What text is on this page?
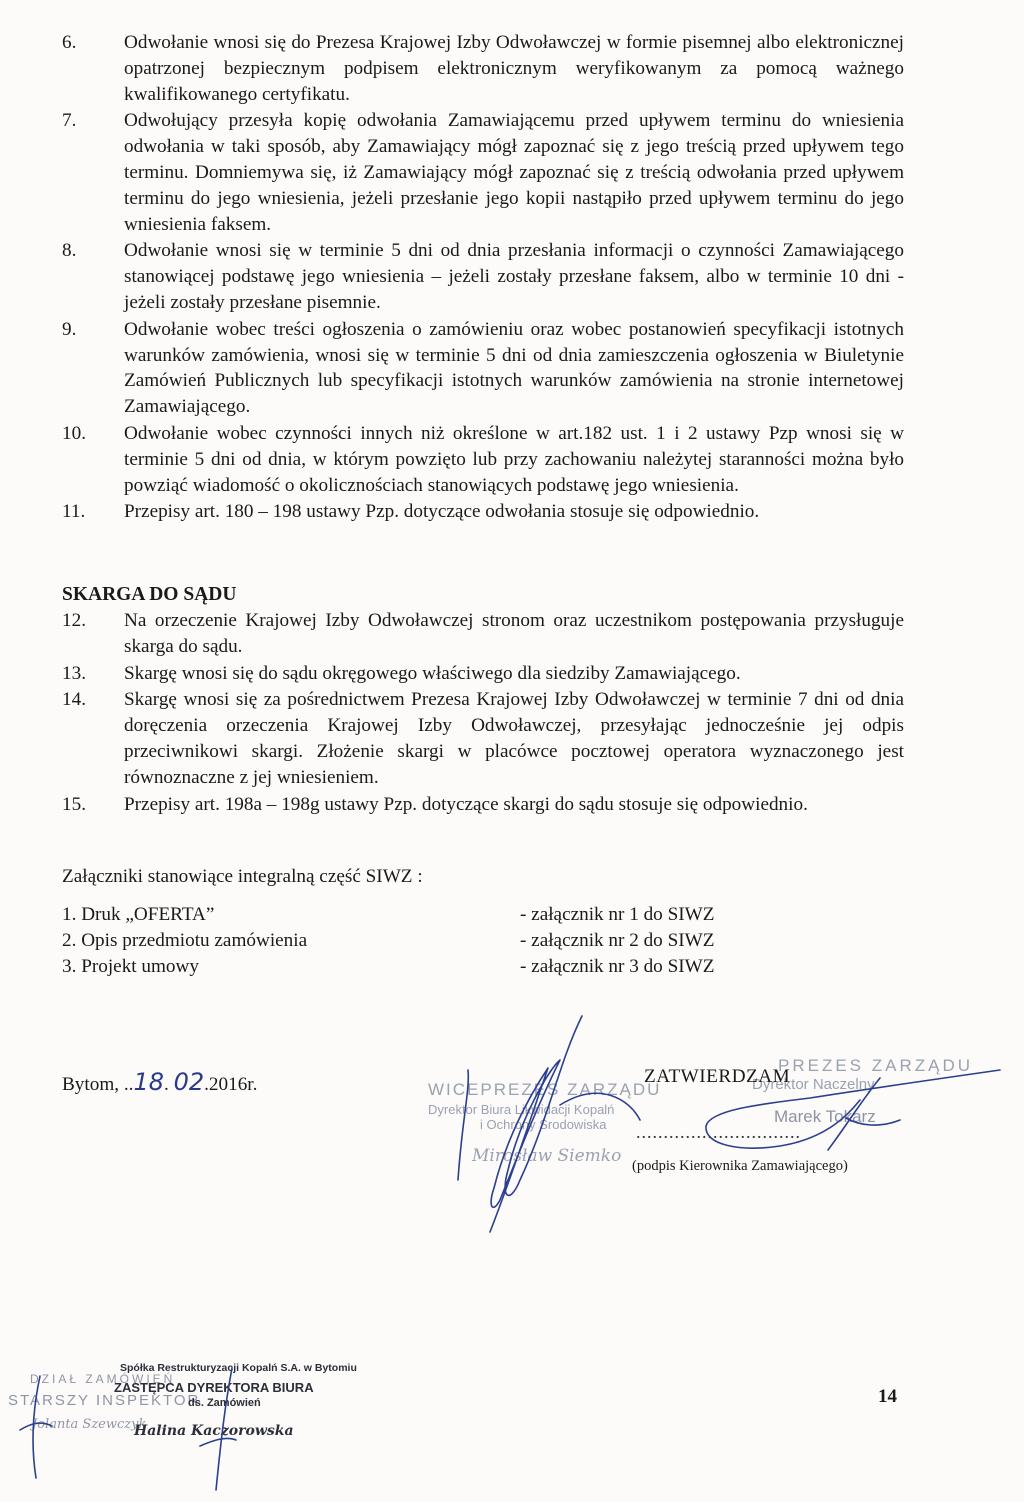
6. Odwołanie wnosi się do Prezesa Krajowej Izby Odwoławczej w formie pisemnej albo elektronicznej opatrzonej bezpiecznym podpisem elektronicznym weryfikowanym za pomocą ważnego kwalifikowanego certyfikatu.
7. Odwołujący przesyła kopię odwołania Zamawiającemu przed upływem terminu do wniesienia odwołania w taki sposób, aby Zamawiający mógł zapoznać się z jego treścią przed upływem tego terminu. Domniemywa się, iż Zamawiający mógł zapoznać się z treścią odwołania przed upływem terminu do jego wniesienia, jeżeli przesłanie jego kopii nastąpiło przed upływem terminu do jego wniesienia faksem.
8. Odwołanie wnosi się w terminie 5 dni od dnia przesłania informacji o czynności Zamawiającego stanowiącej podstawę jego wniesienia – jeżeli zostały przesłane faksem, albo w terminie 10 dni - jeżeli zostały przesłane pisemnie.
9. Odwołanie wobec treści ogłoszenia o zamówieniu oraz wobec postanowień specyfikacji istotnych warunków zamówienia, wnosi się w terminie 5 dni od dnia zamieszczenia ogłoszenia w Biuletynie Zamówień Publicznych lub specyfikacji istotnych warunków zamówienia na stronie internetowej Zamawiającego.
10. Odwołanie wobec czynności innych niż określone w art.182 ust. 1 i 2 ustawy Pzp wnosi się w terminie 5 dni od dnia, w którym powzięto lub przy zachowaniu należytej staranności można było powziąć wiadomość o okolicznościach stanowiących podstawę jego wniesienia.
11. Przepisy art. 180 – 198 ustawy Pzp. dotyczące odwołania stosuje się odpowiednio.
SKARGA DO SĄDU
12. Na orzeczenie Krajowej Izby Odwoławczej stronom oraz uczestnikom postępowania przysługuje skarga do sądu.
13. Skargę wnosi się do sądu okręgowego właściwego dla siedziby Zamawiającego.
14. Skargę wnosi się za pośrednictwem Prezesa Krajowej Izby Odwoławczej w terminie 7 dni od dnia doręczenia orzeczenia Krajowej Izby Odwoławczej, przesyłając jednocześnie jej odpis przeciwnikowi skargi. Złożenie skargi w placówce pocztowej operatora wyznaczonego jest równoznaczne z jej wniesieniem.
15. Przepisy art. 198a – 198g ustawy Pzp. dotyczące skargi do sądu stosuje się odpowiednio.
Załączniki stanowiące integralną część SIWZ :
1. Druk „OFERTA”	- załącznik nr 1 do SIWZ
2. Opis przedmiotu zamówienia	- załącznik nr 2 do SIWZ
3. Projekt umowy	- załącznik nr 3 do SIWZ
Bytom, ..18. 02.2016r.	WICEPREZES ZARZĄDU
Dyrektor Biura Likwidacji Kopalń
i Ochrony Środowiska
Mirosław Siemko
PREZES ZARZĄDU
Dyrektor Naczelny
Marek Tokarz
ZATWIERDZAM
..............................
(podpis Kierownika Zamawiającego)
DZIAŁ ZAMÓWIEŃ
STARSZY INSPEKTOR
Jolanta Szewczyk
Spółka Restrukturyzacji Kopalń S.A. w Bytomiu
ZASTĘPCA DYREKTORA BIURA
ds. Zamówień
Halina Kaczorowska
14
